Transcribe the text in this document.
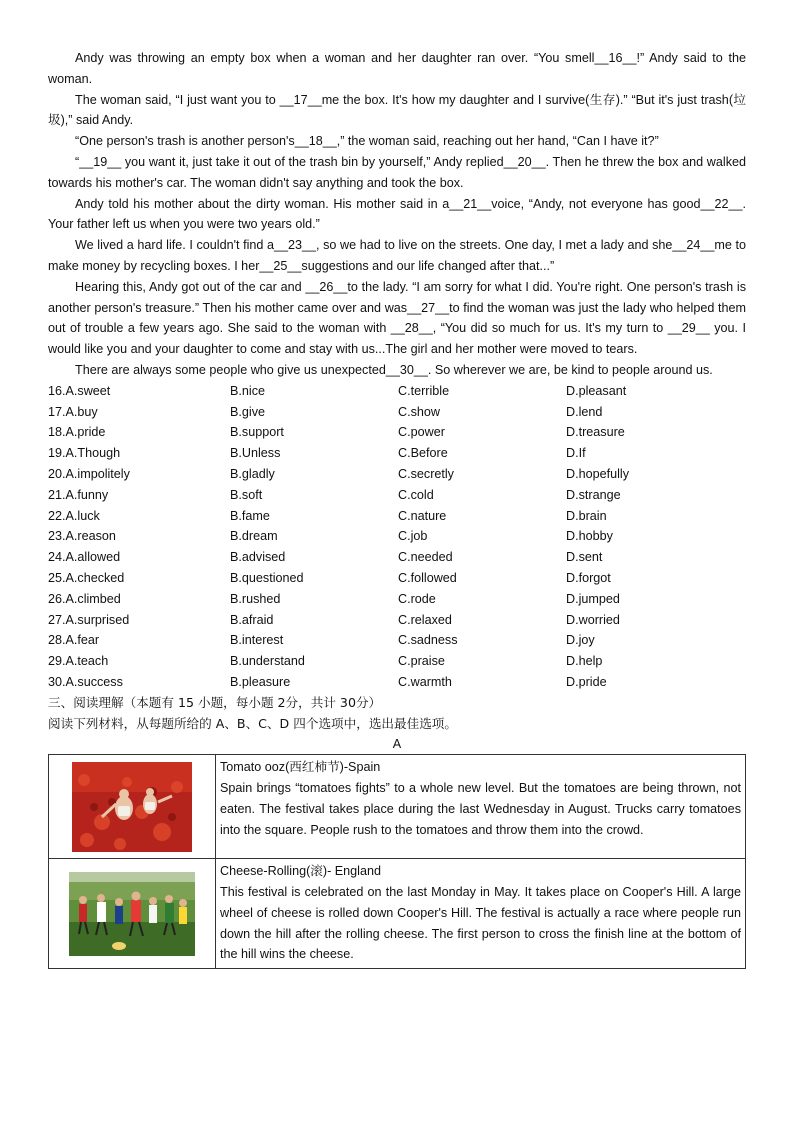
Andy was throwing an empty box when a woman and her daughter ran over. “You smell__16__!” Andy said to the woman.

The woman said, “I just want you to __17__me the box. It's how my daughter and I survive(生存).” “But it's just trash(垃圾),” said Andy.

“One person's trash is another person's__18__,” the woman said, reaching out her hand, “Can I have it?”

“__19__ you want it, just take it out of the trash bin by yourself,” Andy replied__20__. Then he threw the box and walked towards his mother's car. The woman didn't say anything and took the box.

Andy told his mother about the dirty woman. His mother said in a__21__voice, “Andy, not everyone has good__22__. Your father left us when you were two years old.”

We lived a hard life. I couldn't find a__23__, so we had to live on the streets. One day, I met a lady and she__24__me to make money by recycling boxes. I her__25__suggestions and our life changed after that...”

Hearing this, Andy got out of the car and __26__to the lady. “I am sorry for what I did. You're right. One person's trash is another person's treasure.” Then his mother came over and was__27__to find the woman was just the lady who helped them out of trouble a few years ago. She said to the woman with __28__, “You did so much for us. It's my turn to __29__ you. I would like you and your daughter to come and stay with us...The girl and her mother were moved to tears.

There are always some people who give us unexpected__30__. So wherever we are, be kind to people around us.

16.A.sweet	B.nice	C.terrible	D.pleasant
17.A.buy	B.give	C.show	D.lend
18.A.pride	B.support	C.power	D.treasure
19.A.Though	B.Unless	C.Before	D.If
20.A.impolitely	B.gladly	C.secretly	D.hopefully
21.A.funny	B.soft	C.cold	D.strange
22.A.luck	B.fame	C.nature	D.brain
23.A.reason	B.dream	C.job	D.hobby
24.A.allowed	B.advised	C.needed	D.sent
25.A.checked	B.questioned	C.followed	D.forgot
26.A.climbed	B.rushed	C.rode	D.jumped
27.A.surprised	B.afraid	C.relaxed	D.worried
28.A.fear	B.interest	C.sadness	D.joy
29.A.teach	B.understand	C.praise	D.help
30.A.success	B.pleasure	C.warmth	D.pride

三、阅读理解（本题有 15 小题，每小题 2分，共计 30分）

阅读下列材料，从每题所给的 A、B、C、D 四个选项中，选出最佳选项。

A

Tomato ooz(西红柿节)-Spain
Spain brings “tomatoes fights” to a whole new level. But the tomatoes are being thrown, not eaten. The festival takes place during the last Wednesday in August. Trucks carry tomatoes into the square. People rush to the tomatoes and throw them into the crowd.

Cheese-Rolling(滚)- England
This festival is celebrated on the last Monday in May. It takes place on Cooper's Hill. A large wheel of cheese is rolled down Cooper's Hill. The festival is actually a race where people run down the hill after the rolling cheese. The first person to cross the finish line at the bottom of the hill wins the cheese.
